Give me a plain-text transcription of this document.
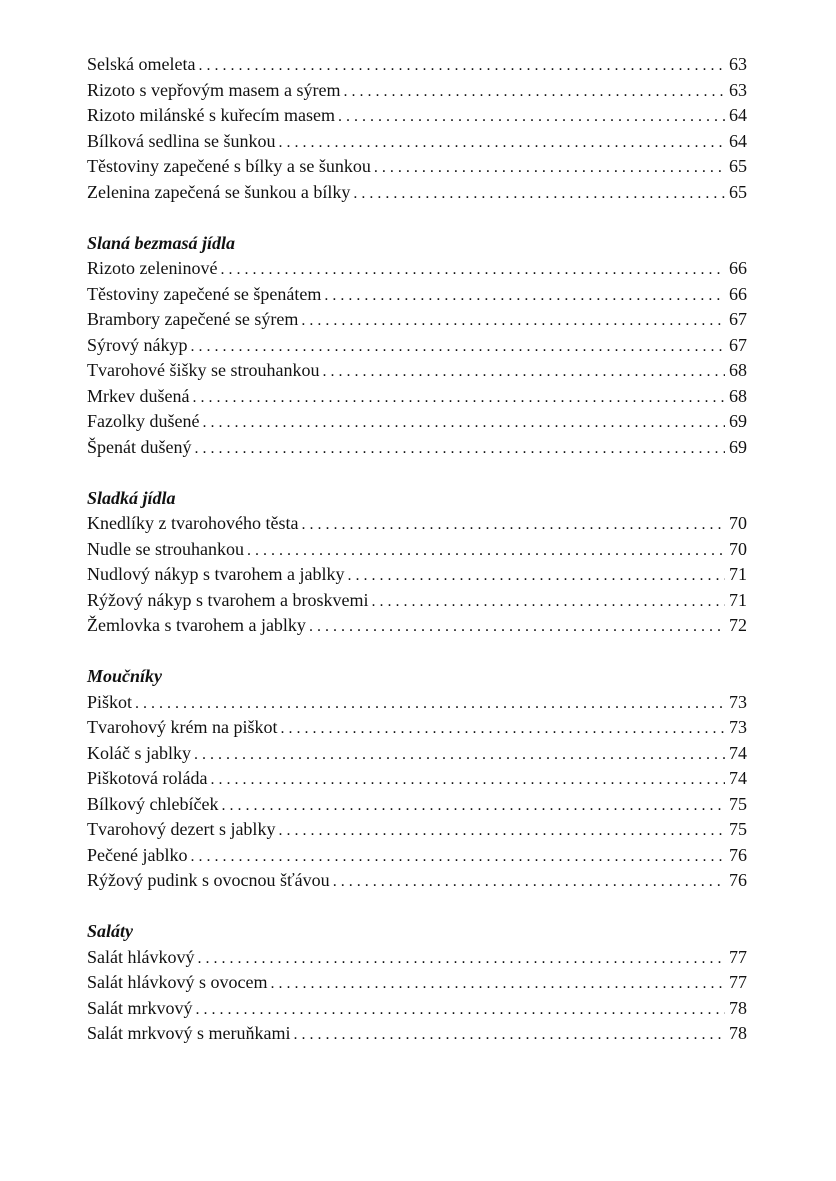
Selská omeleta . . .	63
Rizoto s vepřovým masem a sýrem . . .	63
Rizoto milánské s kuřecím masem . . .	64
Bílková sedlina se šunkou . . .	64
Těstoviny zapečené s bílky a se šunkou . . .	65
Zelenina zapečená se šunkou a bílky . . .	65
Slaná bezmasá jídla
Rizoto zeleninové . . .	66
Těstoviny zapečené se špenátem . . .	66
Brambory zapečené se sýrem . . .	67
Sýrový nákyp . . .	67
Tvarohové šišky se strouhankou . . .	68
Mrkev dušená . . .	68
Fazolky dušené . . .	69
Špenát dušený . . .	69
Sladká jídla
Knedlíky z tvarohového těsta . . .	70
Nudle se strouhankou . . .	70
Nudlový nákyp s tvarohem a jablky . . .	71
Rýžový nákyp s tvarohem a broskvemi . . .	71
Žemlovka s tvarohem a jablky . . .	72
Moučníky
Piškot . . .	73
Tvarohový krém na piškot . . .	73
Koláč s jablky . . .	74
Piškotová roláda . . .	74
Bílkový chlebíček . . .	75
Tvarohový dezert s jablky . . .	75
Pečené jablko . . .	76
Rýžový pudink s ovocnou šťávou . . .	76
Saláty
Salát hlávkový . . .	77
Salát hlávkový s ovocem . . .	77
Salát mrkvový . . .	78
Salát mrkvový s meruňkami . . .	78
